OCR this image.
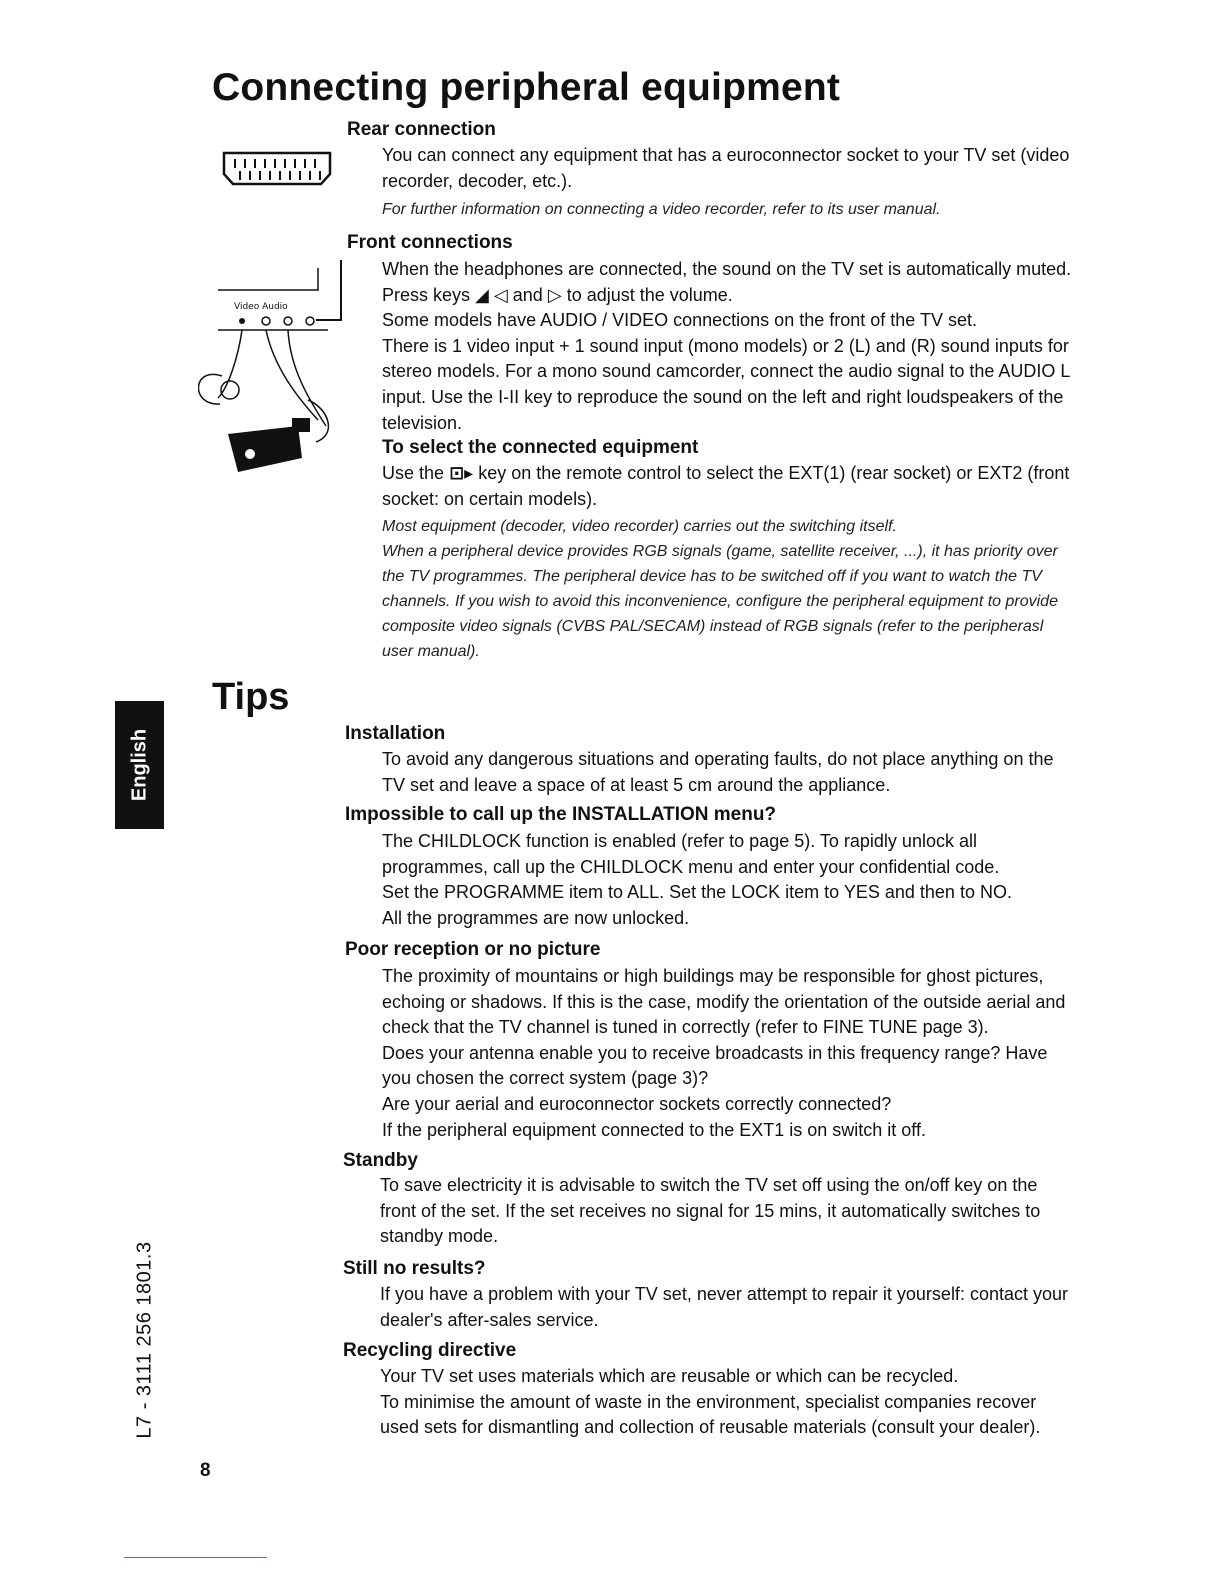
Connecting peripheral equipment
Rear connection
You can connect any equipment that has a euroconnector socket to your TV set (video recorder, decoder, etc.).
For further information on connecting a video recorder, refer to its user manual.
Video Audio
Front connections

When the headphones are connected, the sound on the TV set is automatically muted. Press keys ◢ ◁ and ▷ to adjust the volume.

Some models have AUDIO / VIDEO connections on the front of the TV set.

There is 1 video input + 1 sound input (mono models) or 2 (L) and (R) sound inputs for stereo models. For a mono sound camcorder, connect the audio signal to the AUDIO L input. Use the I-II key to reproduce the sound on the left and right loudspeakers of the television.

To select the connected equipment
Use the ⊡▸ key on the remote control to select the EXT(1) (rear socket) or EXT2 (front socket: on certain models).

Most equipment (decoder, video recorder) carries out the switching itself.

When a peripheral device provides RGB signals (game, satellite receiver, ...), it has priority over the TV programmes. The peripheral device has to be switched off if you want to watch the TV channels. If you wish to avoid this inconvenience, configure the peripheral equipment to provide composite video signals (CVBS PAL/SECAM) instead of RGB signals (refer to the peripherasl user manual).

Tips
English	Installation
To avoid any dangerous situations and operating faults, do not place anything on the TV set and leave a space of at least 5 cm around the appliance.
Impossible to call up the INSTALLATION menu?

The CHILDLOCK function is enabled (refer to page 5). To rapidly unlock all programmes, call up the CHILDLOCK menu and enter your confidential code.

Set the PROGRAMME item to ALL. Set the LOCK item to YES and then to NO.

All the programmes are now unlocked.

Poor reception or no picture

The proximity of mountains or high buildings may be responsible for ghost pictures, echoing or shadows. If this is the case, modify the orientation of the outside aerial and check that the TV channel is tuned in correctly (refer to FINE TUNE page 3).

Does your antenna enable you to receive broadcasts in this frequency range? Have you chosen the correct system (page 3)?

Are your aerial and euroconnector sockets correctly connected?

If the peripheral equipment connected to the EXT1 is on switch it off.

Standby
To save electricity it is advisable to switch the TV set off using the on/off key on the front of the set. If the set receives no signal for 15 mins, it automatically switches to standby mode.
Still no results?
If you have a problem with your TV set, never attempt to repair it yourself: contact your dealer's after-sales service.
Recycling directive

Your TV set uses materials which are reusable or which can be recycled.

To minimise the amount of waste in the environment, specialist companies recover used sets for dismantling and collection of reusable materials (consult your dealer).

L7 - 3111 256 1801.3
8
